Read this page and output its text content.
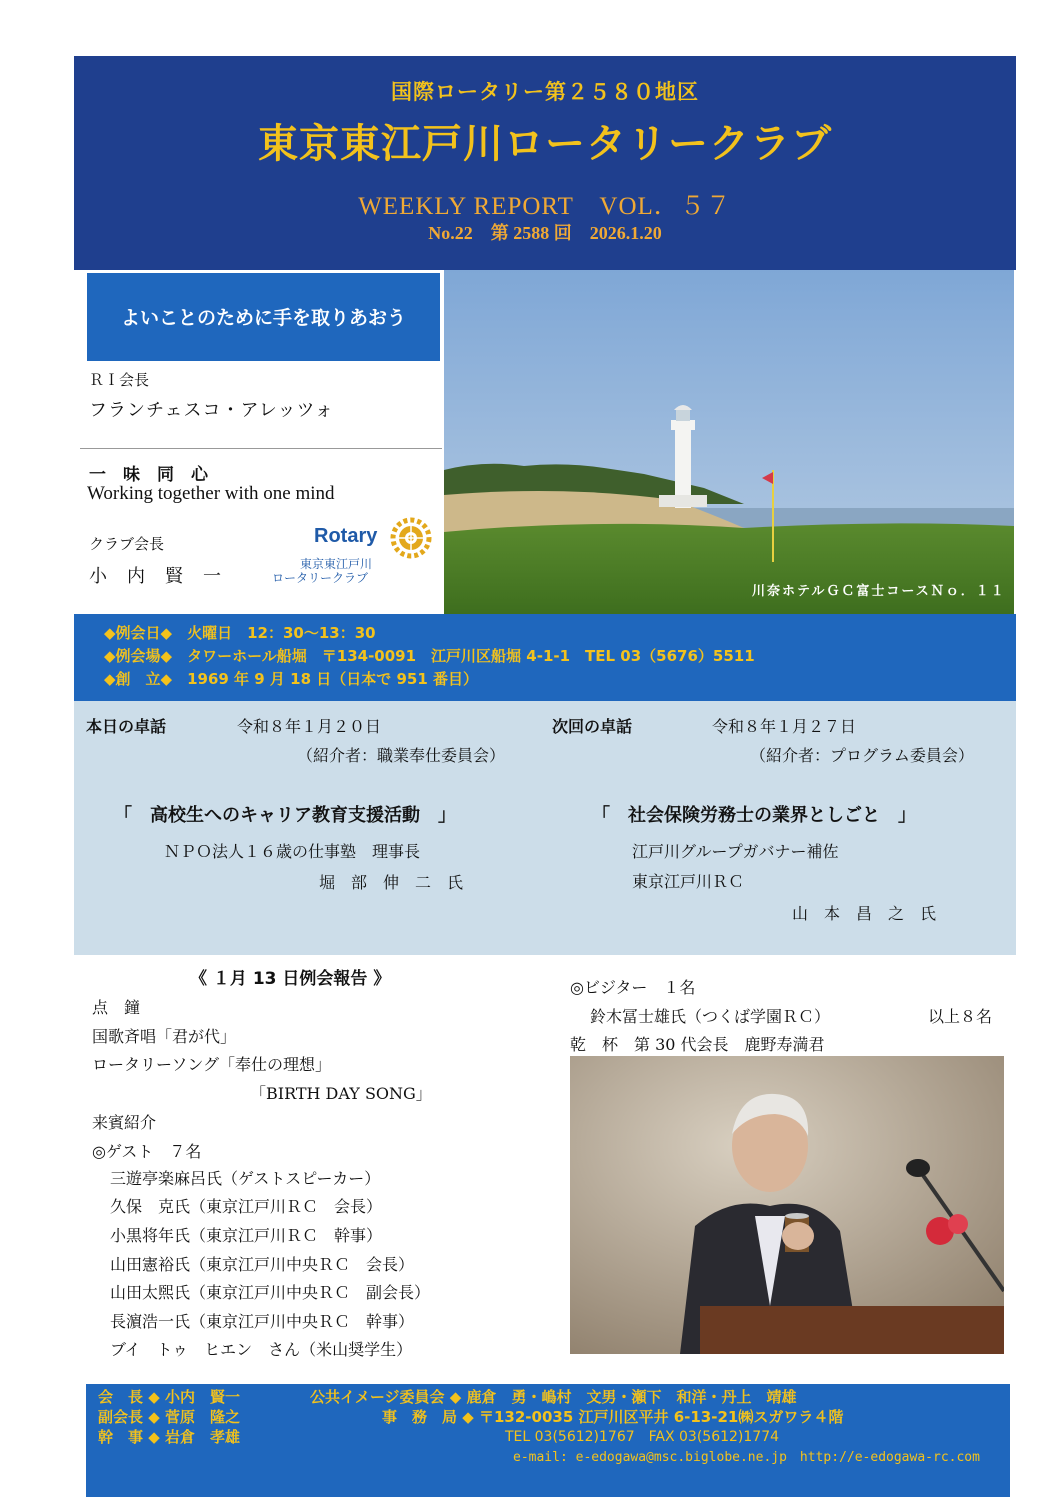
国際ロータリー第２５８０地区
東京東江戸川ロータリークラブ
WEEKLY REPORT　VOL．５７
No.22　第 2588 回　2026.1.20
よいことのために手を取りあおう
ＲＩ会長
フランチェスコ・アレッツォ
一　味　同　心
Working together with one mind
クラブ会長
小　内　賢　一
Rotary
東京東江戸川
ロータリークラブ
川奈ホテルＧＣ富士コースＮｏ．１１
◆例会日◆　火曜日　12：30～13：30
◆例会場◆　タワーホール船堀　〒134-0091　江戸川区船堀 4-1-1　TEL 03（5676）5511
◆創　立◆　1969 年 9 月 18 日（日本で 951 番目）
本日の卓話	令和８年１月２０日
（紹介者：職業奉仕委員会）
「　高校生へのキャリア教育支援活動　」
ＮＰＯ法人１６歳の仕事塾　理事長
堀　部　伸　二　氏
次回の卓話	令和８年１月２７日
（紹介者：プログラム委員会）
「　社会保険労務士の業界としごと　」
江戸川グループガバナー補佐
東京江戸川ＲＣ
山　本　昌　之　氏
《 １月 13 日例会報告 》
点　鐘
国歌斉唱「君が代」
ロータリーソング「奉仕の理想」
「BIRTH DAY SONG」
来賓紹介
◎ゲスト　７名
三遊亭楽麻呂氏（ゲストスピーカー）
久保　克氏（東京江戸川ＲＣ　会長）
小黒将年氏（東京江戸川ＲＣ　幹事）
山田憲裕氏（東京江戸川中央ＲＣ　会長）
山田太煕氏（東京江戸川中央ＲＣ　副会長）
長濵浩一氏（東京江戸川中央ＲＣ　幹事）
ブイ　トゥ　ヒエン　さん（米山奨学生）
◎ビジター　１名
鈴木冨士雄氏（つくば学園ＲＣ）	以上８名
乾　杯　第 30 代会長　鹿野寿満君
会　長 ◆ 小内　賢一
副会長 ◆ 菅原　隆之
幹　事 ◆ 岩倉　孝雄
公共イメージ委員会 ◆ 鹿倉　勇・嶋村　文男・瀬下　和洋・丹上　靖雄
事　務　局 ◆ 〒132-0035 江戸川区平井 6-13-21㈱スガワラ４階
TEL 03(5612)1767　FAX 03(5612)1774
e-mail: e-edogawa@msc.biglobe.ne.jp　http://e-edogawa-rc.com
